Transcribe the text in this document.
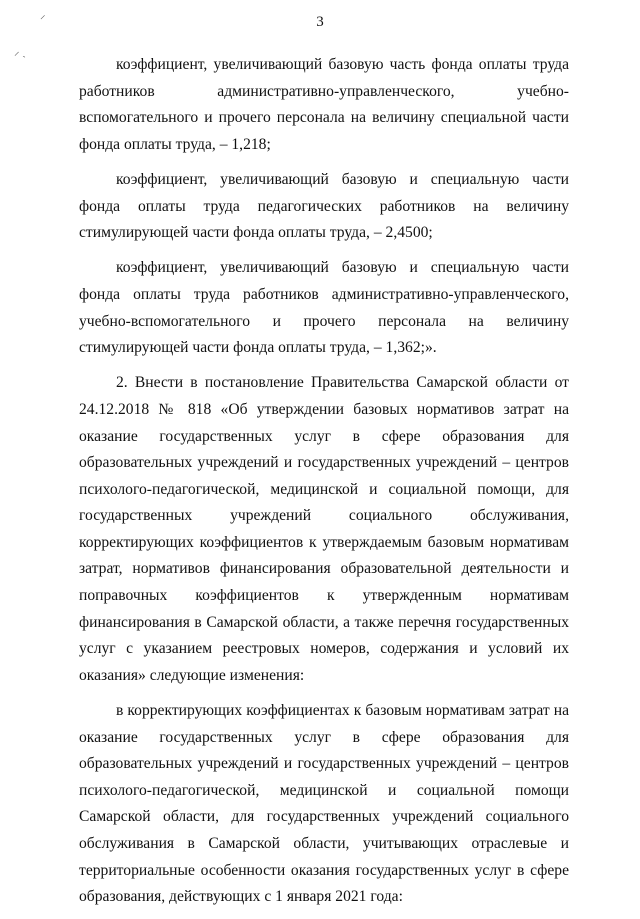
⸍
⸝ ˎ
3

коэффициент, увеличивающий базовую часть фонда оплаты труда работников административно-управленческого, учебно-вспомогательного и прочего персонала на величину специальной части фонда оплаты труда, – 1,218;

коэффициент, увеличивающий базовую и специальную части фонда оплаты труда педагогических работников на величину стимулирующей части фонда оплаты труда, – 2,4500;

коэффициент, увеличивающий базовую и специальную части фонда оплаты труда работников административно-управленческого, учебно-вспомогательного и прочего персонала на величину стимулирующей части фонда оплаты труда, – 1,362;».

2. Внести в постановление Правительства Самарской области от 24.12.2018 № 818 «Об утверждении базовых нормативов затрат на оказание государственных услуг в сфере образования для образовательных учреждений и государственных учреждений – центров психолого-педагогической, медицинской и социальной помощи, для государственных учреждений социального обслуживания, корректирующих коэффициентов к утверждаемым базовым нормативам затрат, нормативов финансирования образовательной деятельности и поправочных коэффициентов к утвержденным нормативам финансирования в Самарской области, а также перечня государственных услуг с указанием реестровых номеров, содержания и условий их оказания» следующие изменения:

в корректирующих коэффициентах к базовым нормативам затрат на оказание государственных услуг в сфере образования для образовательных учреждений и государственных учреждений – центров психолого-педагогической, медицинской и социальной помощи Самарской области, для государственных учреждений социального обслуживания в Самарской области, учитывающих отраслевые и территориальные особенности оказания государственных услуг в сфере образования, действующих с 1 января 2021 года:
